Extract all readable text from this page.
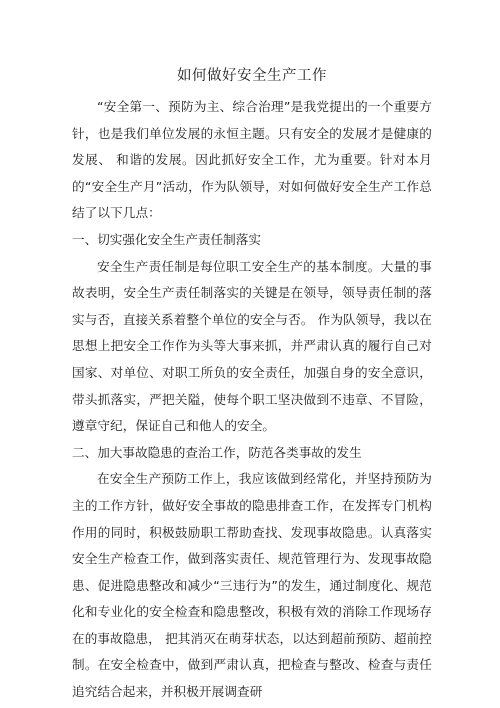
如何做好安全生产工作

“安全第一、预防为主、综合治理”是我党提出的一个重要方针，也是我们单位发展的永恒主题。只有安全的发展才是健康的发展、 和谐的发展。因此抓好安全工作，尤为重要。针对本月的“安全生产月”活动，作为队领导，对如何做好安全生产工作总结了以下几点：

一、切实强化安全生产责任制落实

安全生产责任制是每位职工安全生产的基本制度。大量的事故表明，安全生产责任制落实的关键是在领导，领导责任制的落实与否，直接关系着整个单位的安全与否。 作为队领导，我以在思想上把安全工作作为头等大事来抓，并严肃认真的履行自己对国家、对单位、对职工所负的安全责任，加强自身的安全意识，带头抓落实，严把关隘，使每个职工坚决做到不违章、不冒险，遵章守纪，保证自己和他人的安全。

二、加大事故隐患的查治工作，防范各类事故的发生

在安全生产预防工作上，我应该做到经常化，并坚持预防为主的工作方针，做好安全事故的隐患排查工作，在发挥专门机构作用的同时，积极鼓励职工帮助查找、发现事故隐患。认真落实安全生产检查工作，做到落实责任、规范管理行为、发现事故隐患、促进隐患整改和减少“三违行为”的发生，通过制度化、规范化和专业化的安全检查和隐患整改，积极有效的消除工作现场存在的事故隐患， 把其消灭在萌芽状态，以达到超前预防、超前控制。在安全检查中，做到严肃认真，把检查与整改、检查与责任追究结合起来，并积极开展调查研
